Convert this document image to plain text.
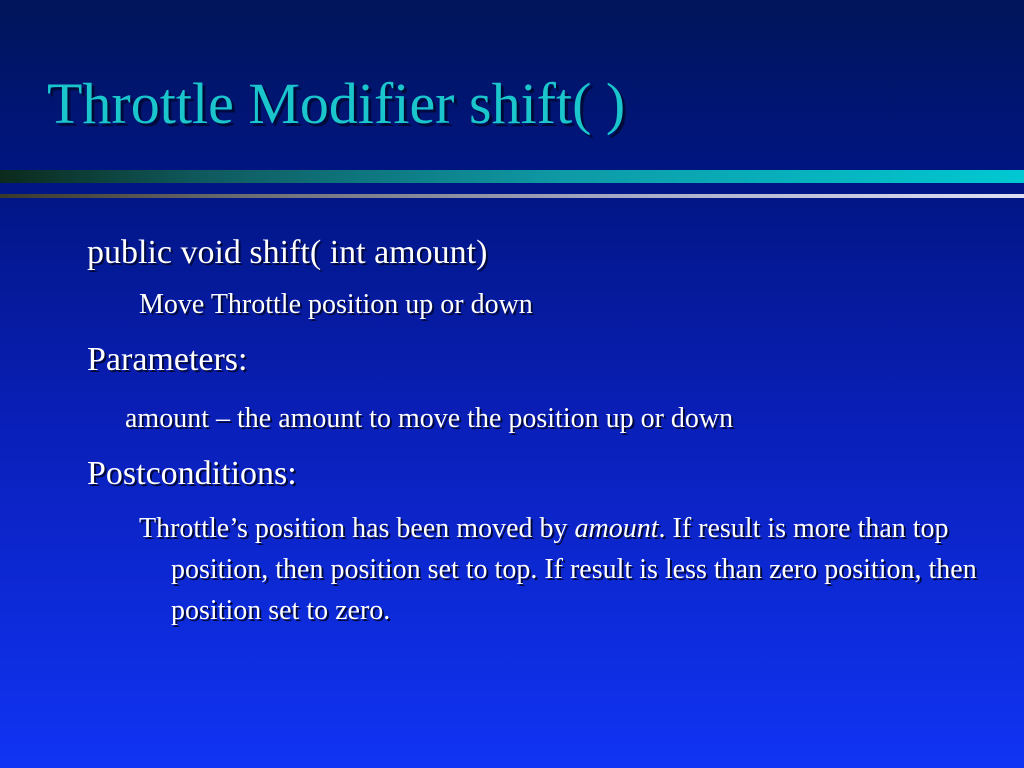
Throttle Modifier shift( )

public void shift( int amount)

Move Throttle position up or down

Parameters:

amount – the amount to move the position up or down

Postconditions:

Throttle’s position has been moved by amount. If result is more than top position, then position set to top. If result is less than zero position, then position set to zero.
